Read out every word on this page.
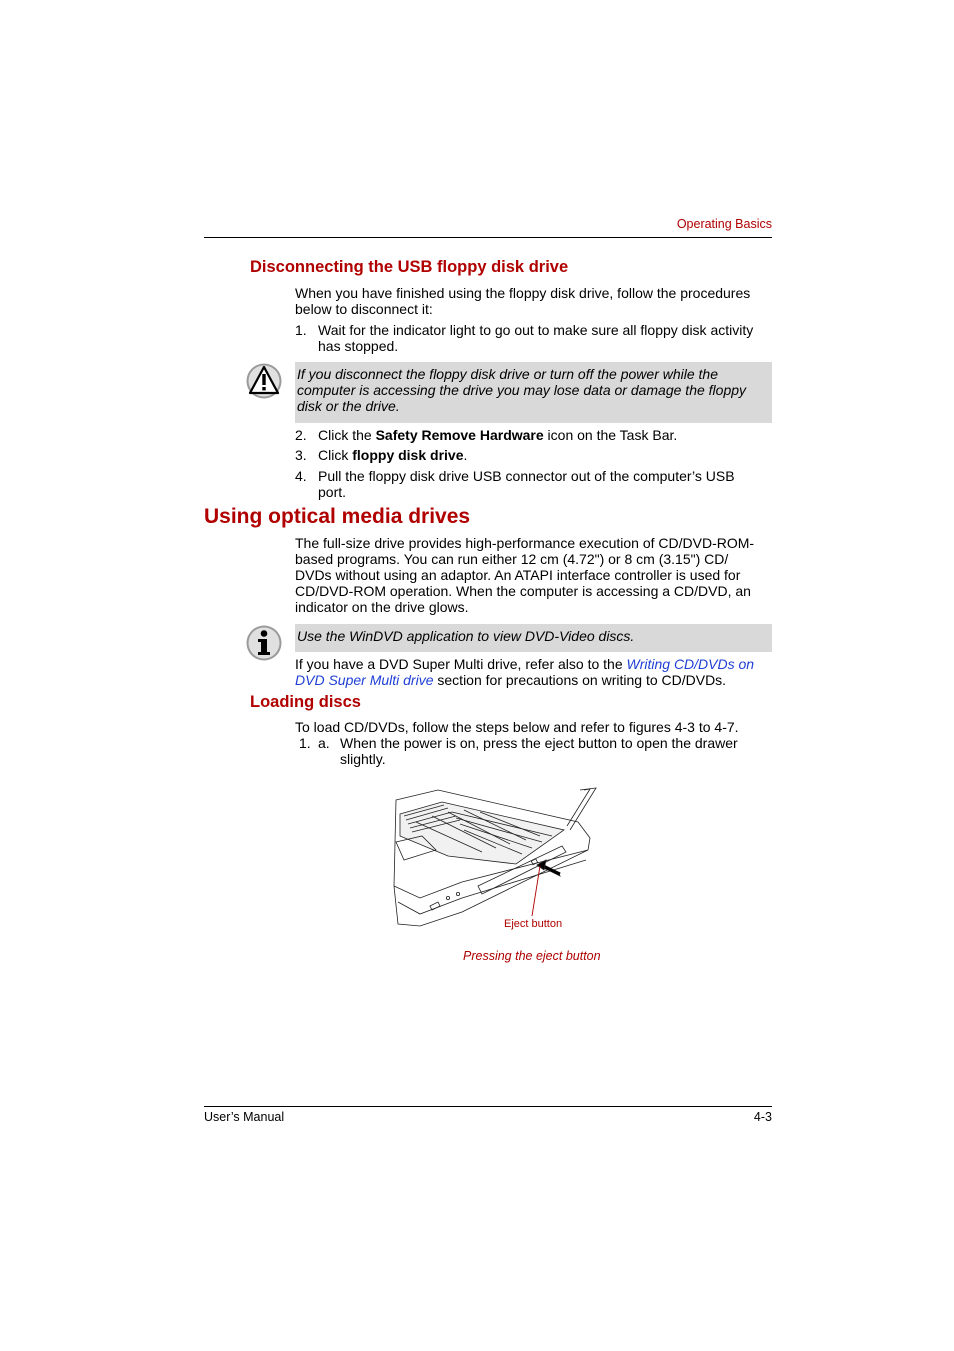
Operating Basics
Disconnecting the USB floppy disk drive
When you have finished using the floppy disk drive, follow the procedures
below to disconnect it:
1. Wait for the indicator light to go out to make sure all floppy disk activity
has stopped.
If you disconnect the floppy disk drive or turn off the power while the
computer is accessing the drive you may lose data or damage the floppy
disk or the drive.
2. Click the Safety Remove Hardware icon on the Task Bar.
3. Click floppy disk drive.
4. Pull the floppy disk drive USB connector out of the computer’s USB
port.
Using optical media drives
The full-size drive provides high-performance execution of CD/DVD-ROM-
based programs. You can run either 12 cm (4.72") or 8 cm (3.15") CD/
DVDs without using an adaptor. An ATAPI interface controller is used for
CD/DVD-ROM operation. When the computer is accessing a CD/DVD, an
indicator on the drive glows.
Use the WinDVD application to view DVD-Video discs.
If you have a DVD Super Multi drive, refer also to the Writing CD/DVDs on
DVD Super Multi drive section for precautions on writing to CD/DVDs.
Loading discs
To load CD/DVDs, follow the steps below and refer to figures 4-3 to 4-7.
1. a. When the power is on, press the eject button to open the drawer
slightly.
Eject button
Pressing the eject button
User’s Manual	4-3
